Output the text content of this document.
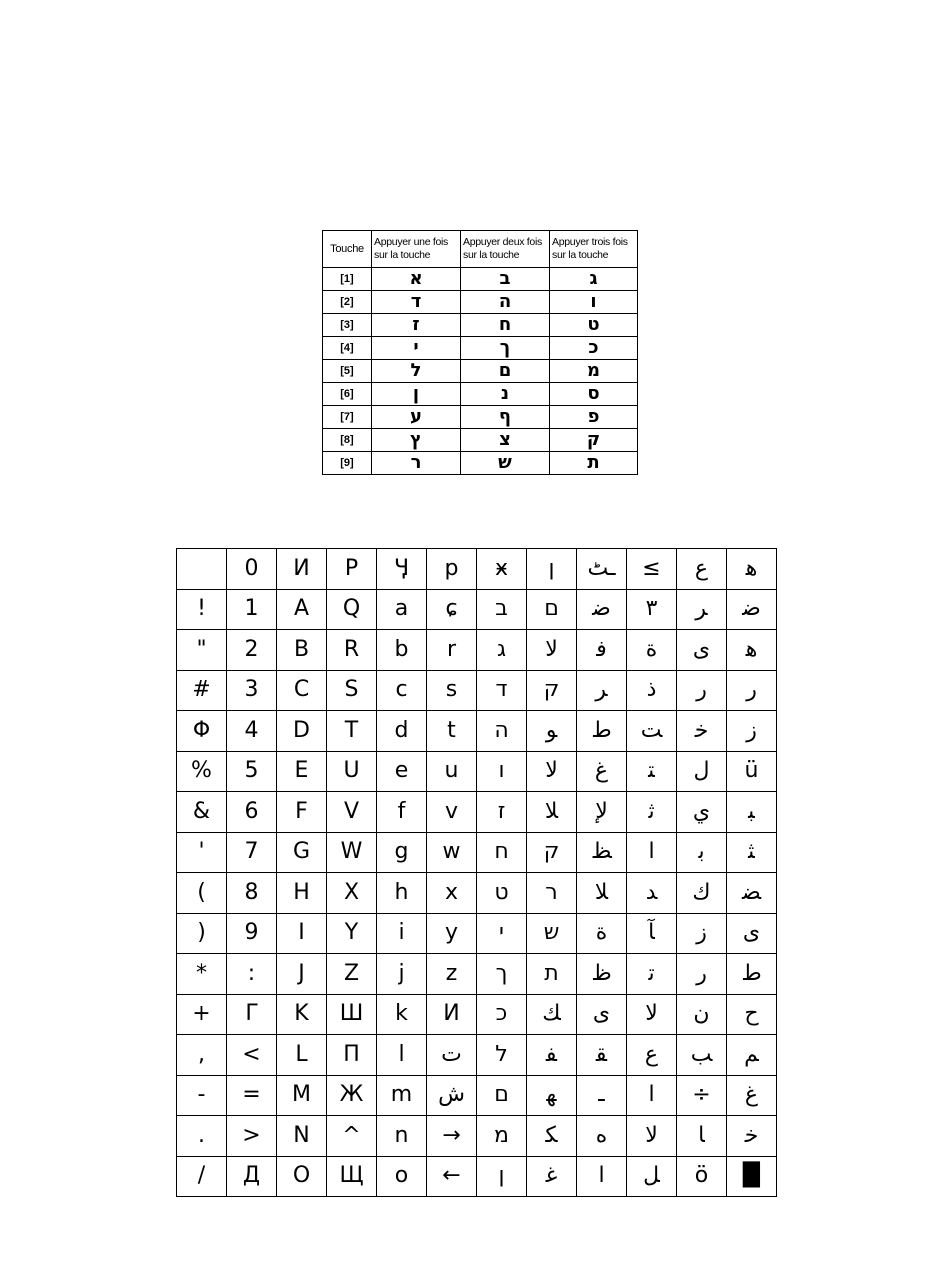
Touche	Appuyer une fois sur la touche	Appuyer deux fois sur la touche	Appuyer trois fois sur la touche
[1]	א	ב	ג
[2]	ד	ה	ו
[3]	ז	ח	ט
[4]	י	ך	כ
[5]	ל	ם	מ
[6]	ן	נ	ס
[7]	ע	ף	פ
[8]	ץ	צ	ק
[9]	ר	ש	ת
	0	И	P	Ӌ	р	ӿ	ן	ـٹ	≤	ع	ﻫ
!	1	A	Q	a	ɕ	ב	ם	ﺿ	٣	ﺮ	ﺿ
"	2	B	R	b	r	ג	ﻻ	ﻓ	ة	ى	ﻫ
#	3	C	S	c	s	ד	ק	ﺮ	ذ	ﺭ	ﺭ
Φ	4	D	T	d	t	ה	ﻮ	ﻁ	ﺖ	ﺧ	ﺯ
%	5	E	U	e	u	ו	ﻻ	ﻍ	ﺘ	ل	ü
&	6	F	V	f	v	ז	ﻼ	ﻹ	ﺛ	ي	ﺒ
'	7	G	W	g	w	ח	ק	ﻆ	ا	ﺑ	ﺜ
(	8	H	X	h	x	ט	ר	ﻼ	ﺪ	ﻙ	ﻀ
)	9	I	Y	i	y	י	ש	ﺓ	ﺂ	ز	ى
*	:	J	Z	j	z	ך	ת	ﻅ	ﺗ	ﺭ	ط
+	Γ	K	Ш	k	И	כ	ﻚ	ﻯ	ﻻ	ن	ﺡ
,	<	L	Π	l	ﺕ	ל	ﻔ	ﻘ	ﻉ	ﺐ	ﻢ
-	=	M	Ж	m	ﺵ	ם	ﻬ	ـ	ا	÷	غ
.	>	N	^	n	→	מ	ﻜ	ﻩ	ﻻ	ﺎ	ﺧ
/	Д	O	Щ	o	←	ן	ﻏ	ﺍ	ﻞ	ö	█
